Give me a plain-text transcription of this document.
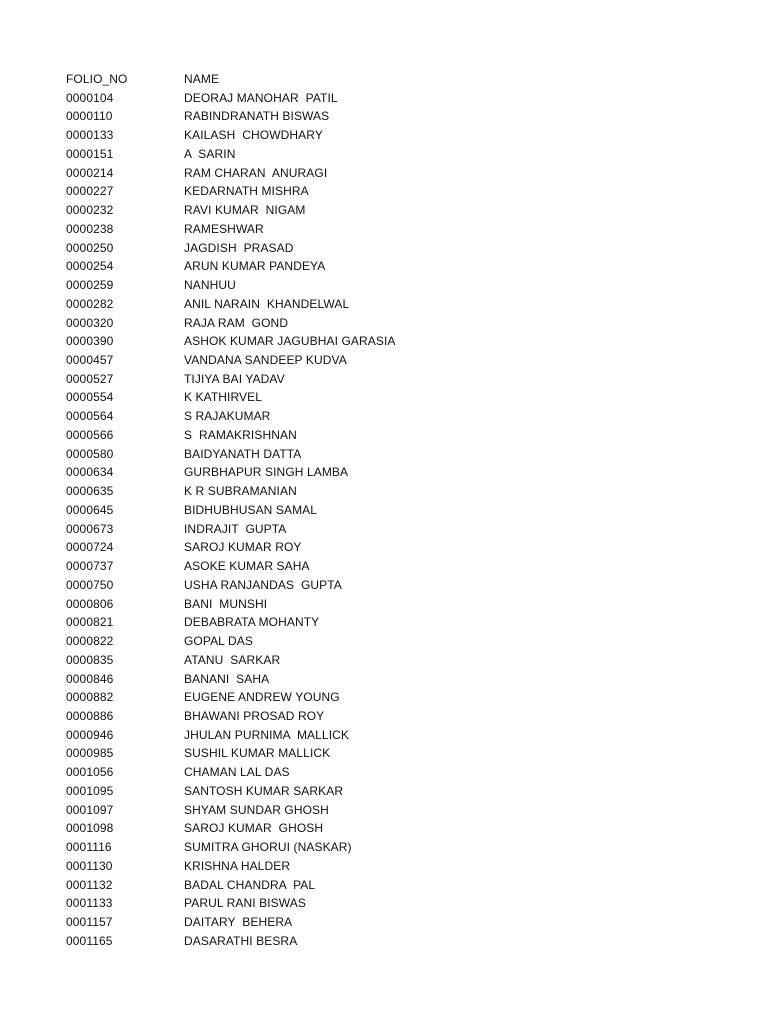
FOLIO_NO	NAME
0000104	DEORAJ MANOHAR  PATIL
0000110	RABINDRANATH BISWAS
0000133	KAILASH  CHOWDHARY
0000151	A  SARIN
0000214	RAM CHARAN  ANURAGI
0000227	KEDARNATH MISHRA
0000232	RAVI KUMAR  NIGAM
0000238	RAMESHWAR
0000250	JAGDISH  PRASAD
0000254	ARUN KUMAR PANDEYA
0000259	NANHUU
0000282	ANIL NARAIN  KHANDELWAL
0000320	RAJA RAM  GOND
0000390	ASHOK KUMAR JAGUBHAI GARASIA
0000457	VANDANA SANDEEP KUDVA
0000527	TIJIYA BAI YADAV
0000554	K KATHIRVEL
0000564	S RAJAKUMAR
0000566	S  RAMAKRISHNAN
0000580	BAIDYANATH DATTA
0000634	GURBHAPUR SINGH LAMBA
0000635	K R SUBRAMANIAN
0000645	BIDHUBHUSAN SAMAL
0000673	INDRAJIT  GUPTA
0000724	SAROJ KUMAR ROY
0000737	ASOKE KUMAR SAHA
0000750	USHA RANJANDAS  GUPTA
0000806	BANI  MUNSHI
0000821	DEBABRATA MOHANTY
0000822	GOPAL DAS
0000835	ATANU  SARKAR
0000846	BANANI  SAHA
0000882	EUGENE ANDREW YOUNG
0000886	BHAWANI PROSAD ROY
0000946	JHULAN PURNIMA  MALLICK
0000985	SUSHIL KUMAR MALLICK
0001056	CHAMAN LAL DAS
0001095	SANTOSH KUMAR SARKAR
0001097	SHYAM SUNDAR GHOSH
0001098	SAROJ KUMAR  GHOSH
0001116	SUMITRA GHORUI (NASKAR)
0001130	KRISHNA HALDER
0001132	BADAL CHANDRA  PAL
0001133	PARUL RANI BISWAS
0001157	DAITARY  BEHERA
0001165	DASARATHI BESRA
